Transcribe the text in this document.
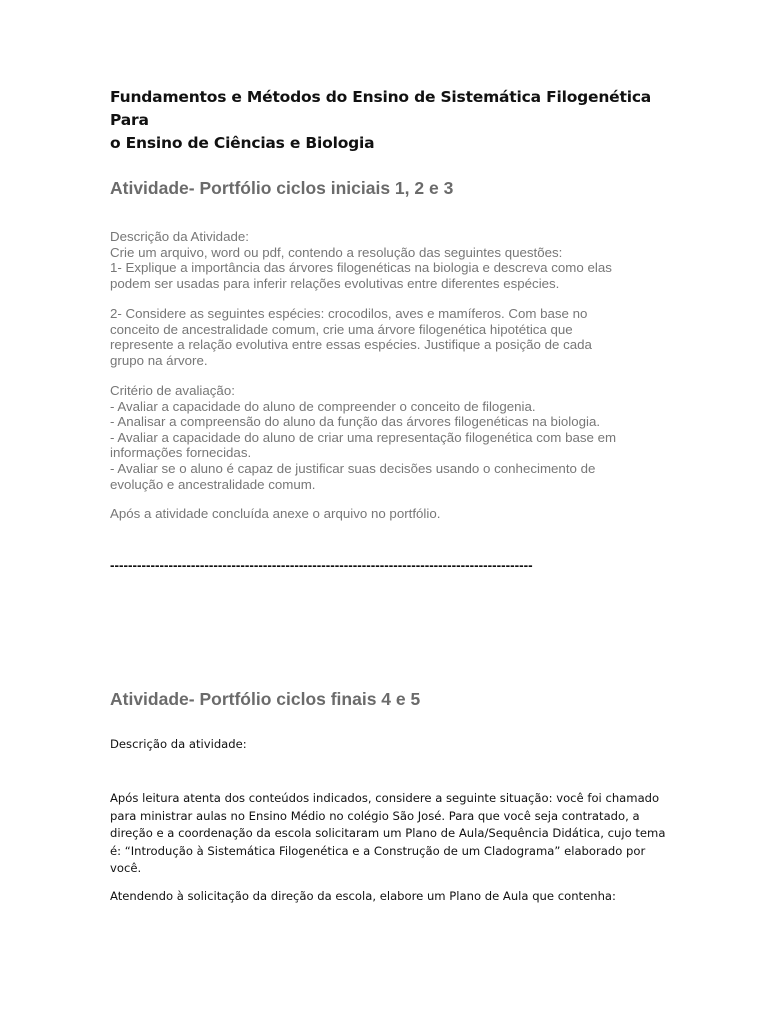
Fundamentos e Métodos do Ensino de Sistemática Filogenética Para
o Ensino de Ciências e Biologia
Atividade- Portfólio ciclos iniciais 1, 2 e 3
Descrição da Atividade:
Crie um arquivo, word ou pdf, contendo a resolução das seguintes questões:
1- Explique a importância das árvores filogenéticas na biologia e descreva como elas
podem ser usadas para inferir relações evolutivas entre diferentes espécies.
2- Considere as seguintes espécies: crocodilos, aves e mamíferos. Com base no
conceito de ancestralidade comum, crie uma árvore filogenética hipotética que
represente a relação evolutiva entre essas espécies. Justifique a posição de cada
grupo na árvore.
Critério de avaliação:
- Avaliar a capacidade do aluno de compreender o conceito de filogenia.
- Analisar a compreensão do aluno da função das árvores filogenéticas na biologia.
- Avaliar a capacidade do aluno de criar uma representação filogenética com base em
informações fornecidas.
- Avaliar se o aluno é capaz de justificar suas decisões usando o conhecimento de
evolução e ancestralidade comum.
Após a atividade concluída anexe o arquivo no portfólio.
----------------------------------------------------------------------------------------------
Atividade- Portfólio ciclos finais 4 e 5
Descrição da atividade:
Após leitura atenta dos conteúdos indicados, considere a seguinte situação: você foi chamado
para ministrar aulas no Ensino Médio no colégio São José. Para que você seja contratado, a
direção e a coordenação da escola solicitaram um Plano de Aula/Sequência Didática, cujo tema
é: “Introdução à Sistemática Filogenética e a Construção de um Cladograma” elaborado por
você.
Atendendo à solicitação da direção da escola, elabore um Plano de Aula que contenha:
